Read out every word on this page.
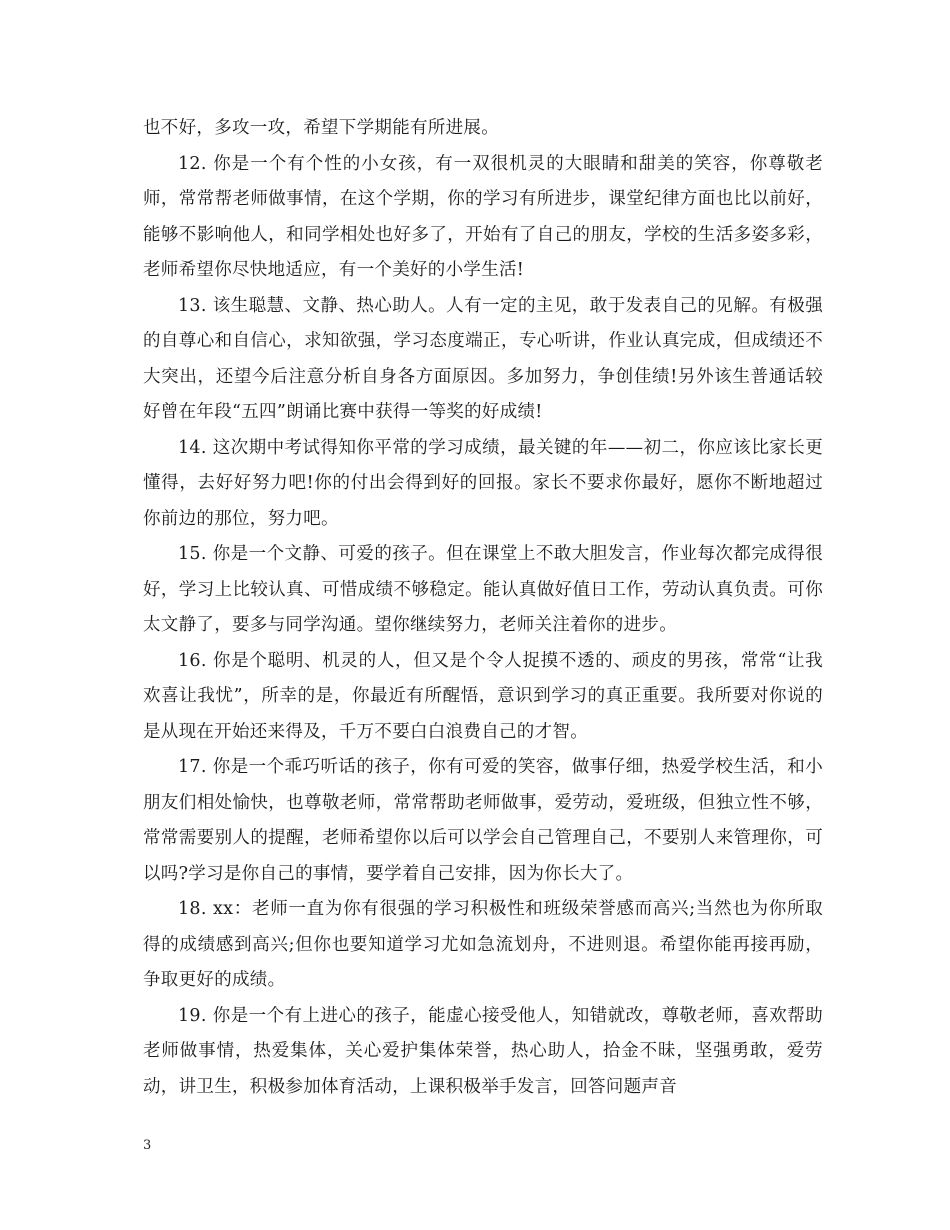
也不好，多攻一攻，希望下学期能有所进展。

12. 你是一个有个性的小女孩，有一双很机灵的大眼睛和甜美的笑容，你尊敬老师，常常帮老师做事情，在这个学期，你的学习有所进步，课堂纪律方面也比以前好，能够不影响他人，和同学相处也好多了，开始有了自己的朋友，学校的生活多姿多彩，老师希望你尽快地适应，有一个美好的小学生活!

13. 该生聪慧、文静、热心助人。人有一定的主见，敢于发表自己的见解。有极强的自尊心和自信心，求知欲强，学习态度端正，专心听讲，作业认真完成，但成绩还不大突出，还望今后注意分析自身各方面原因。多加努力，争创佳绩!另外该生普通话较好曾在年段“五四”朗诵比赛中获得一等奖的好成绩!

14. 这次期中考试得知你平常的学习成绩，最关键的年——初二，你应该比家长更懂得，去好好努力吧!你的付出会得到好的回报。家长不要求你最好，愿你不断地超过你前边的那位，努力吧。

15. 你是一个文静、可爱的孩子。但在课堂上不敢大胆发言，作业每次都完成得很好，学习上比较认真、可惜成绩不够稳定。能认真做好值日工作，劳动认真负责。可你太文静了，要多与同学沟通。望你继续努力，老师关注着你的进步。

16. 你是个聪明、机灵的人，但又是个令人捉摸不透的、顽皮的男孩，常常“让我欢喜让我忧”，所幸的是，你最近有所醒悟，意识到学习的真正重要。我所要对你说的是从现在开始还来得及，千万不要白白浪费自己的才智。

17. 你是一个乖巧听话的孩子，你有可爱的笑容，做事仔细，热爱学校生活，和小朋友们相处愉快，也尊敬老师，常常帮助老师做事，爱劳动，爱班级，但独立性不够，常常需要别人的提醒，老师希望你以后可以学会自己管理自己，不要别人来管理你，可以吗?学习是你自己的事情，要学着自己安排，因为你长大了。

18. xx：老师一直为你有很强的学习积极性和班级荣誉感而高兴;当然也为你所取得的成绩感到高兴;但你也要知道学习尤如急流划舟，不进则退。希望你能再接再励，争取更好的成绩。

19. 你是一个有上进心的孩子，能虚心接受他人，知错就改，尊敬老师，喜欢帮助老师做事情，热爱集体，关心爱护集体荣誉，热心助人，拾金不昧，坚强勇敢，爱劳动，讲卫生，积极参加体育活动，上课积极举手发言，回答问题声音

3
